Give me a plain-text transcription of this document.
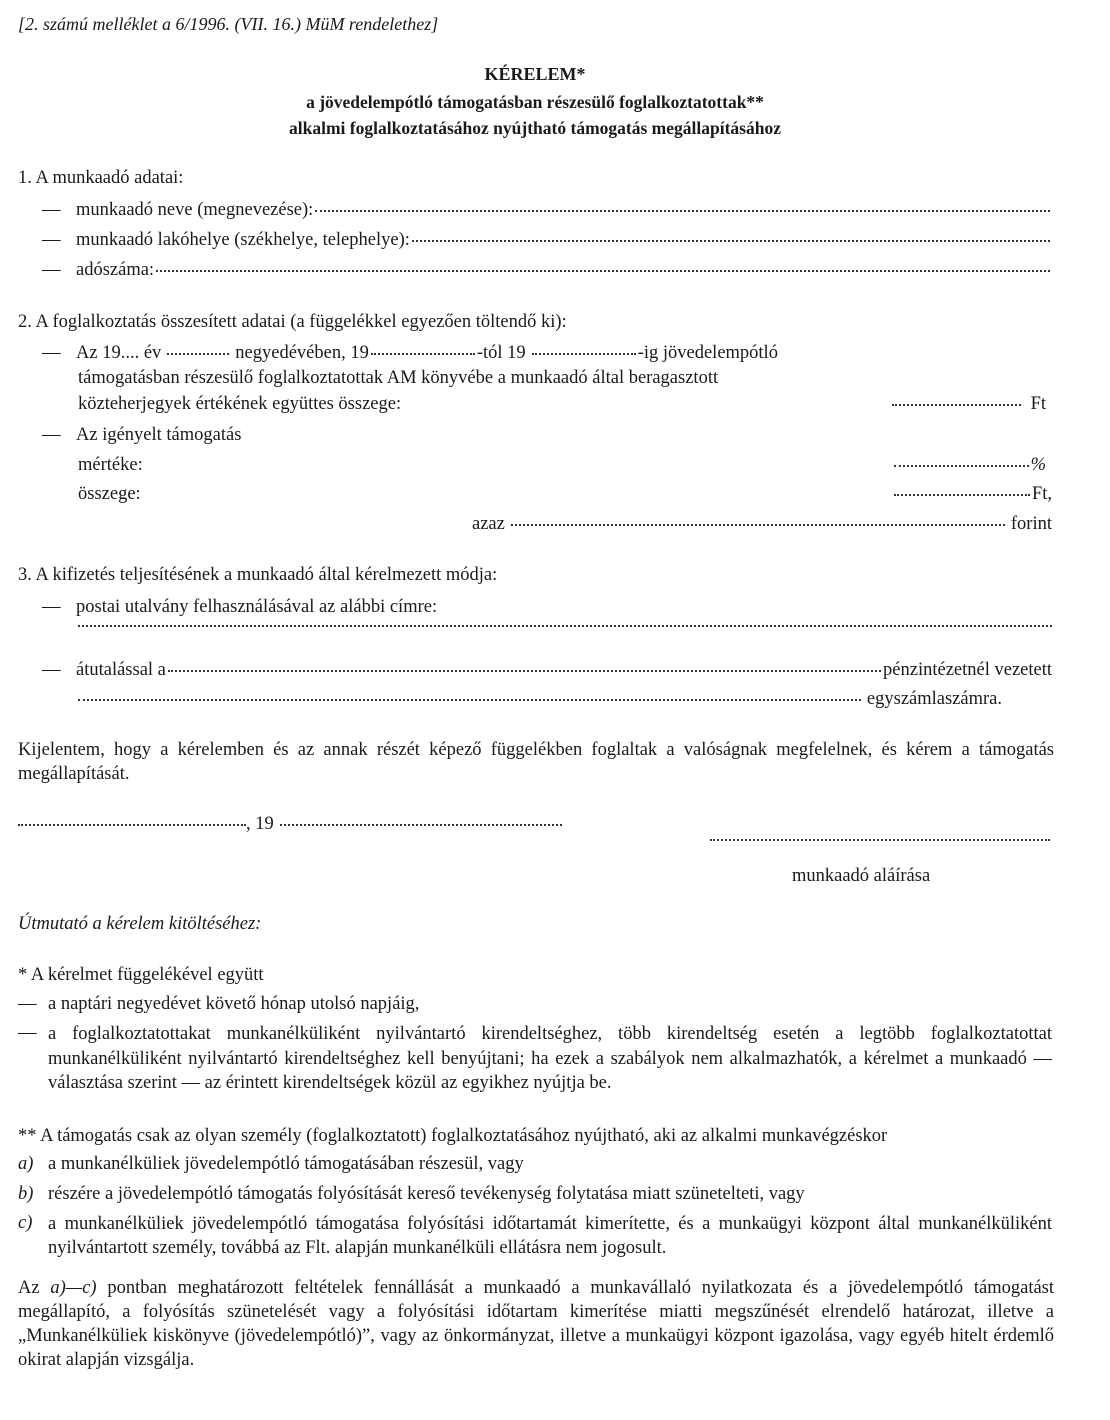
[2. számú melléklet a 6/1996. (VII. 16.) MüM rendelethez]
KÉRELEM*
a jövedelempótló támogatásban részesülő foglalkoztatottak**
alkalmi foglalkoztatásához nyújtható támogatás megállapításához
1. A munkaadó adatai:
— munkaadó neve (megnevezése):
— munkaadó lakóhelye (székhelye, telephelye):
— adószáma:
2. A foglalkoztatás összesített adatai (a függelékkel egyezően töltendő ki):
— Az 19.... év	negyedévében, 19	-tól 19	-ig jövedelempótló
támogatásban részesülő foglalkoztatottak AM könyvébe a munkaadó által beragasztott
közteherjegyek értékének együttes összege:	Ft
— Az igényelt támogatás
mértéke:	%
összege:	Ft,
azaz	forint
3. A kifizetés teljesítésének a munkaadó által kérelmezett módja:
— postai utalvány felhasználásával az alábbi címre:
— átutalással a	pénzintézetnél vezetett
egyszámlaszámra.
Kijelentem, hogy a kérelemben és az annak részét képező függelékben foglaltak a valóságnak megfelelnek, és kérem a támogatás megállapítását.
, 19
munkaadó aláírása
Útmutató a kérelem kitöltéséhez:
* A kérelmet függelékével együtt
— a naptári negyedévet követő hónap utolsó napjáig,
— a foglalkoztatottakat munkanélküliként nyilvántartó kirendeltséghez, több kirendeltség esetén a legtöbb foglalkoztatottat munkanélküliként nyilvántartó kirendeltséghez kell benyújtani; ha ezek a szabályok nem alkalmazhatók, a kérelmet a munkaadó — választása szerint — az érintett kirendeltségek közül az egyikhez nyújtja be.
** A támogatás csak az olyan személy (foglalkoztatott) foglalkoztatásához nyújtható, aki az alkalmi munkavégzéskor
a) a munkanélküliek jövedelempótló támogatásában részesül, vagy
b) részére a jövedelempótló támogatás folyósítását kereső tevékenység folytatása miatt szünetelteti, vagy
c) a munkanélküliek jövedelempótló támogatása folyósítási időtartamát kimerítette, és a munkaügyi központ által munkanélküliként nyilvántartott személy, továbbá az Flt. alapján munkanélküli ellátásra nem jogosult.
Az a)—c) pontban meghatározott feltételek fennállását a munkaadó a munkavállaló nyilatkozata és a jövedelempótló támogatást megállapító, a folyósítás szünetelését vagy a folyósítási időtartam kimerítése miatti megszűnését elrendelő határozat, illetve a „Munkanélküliek kiskönyve (jövedelempótló)”, vagy az önkormányzat, illetve a munkaügyi központ igazolása, vagy egyéb hitelt érdemlő okirat alapján vizsgálja.
